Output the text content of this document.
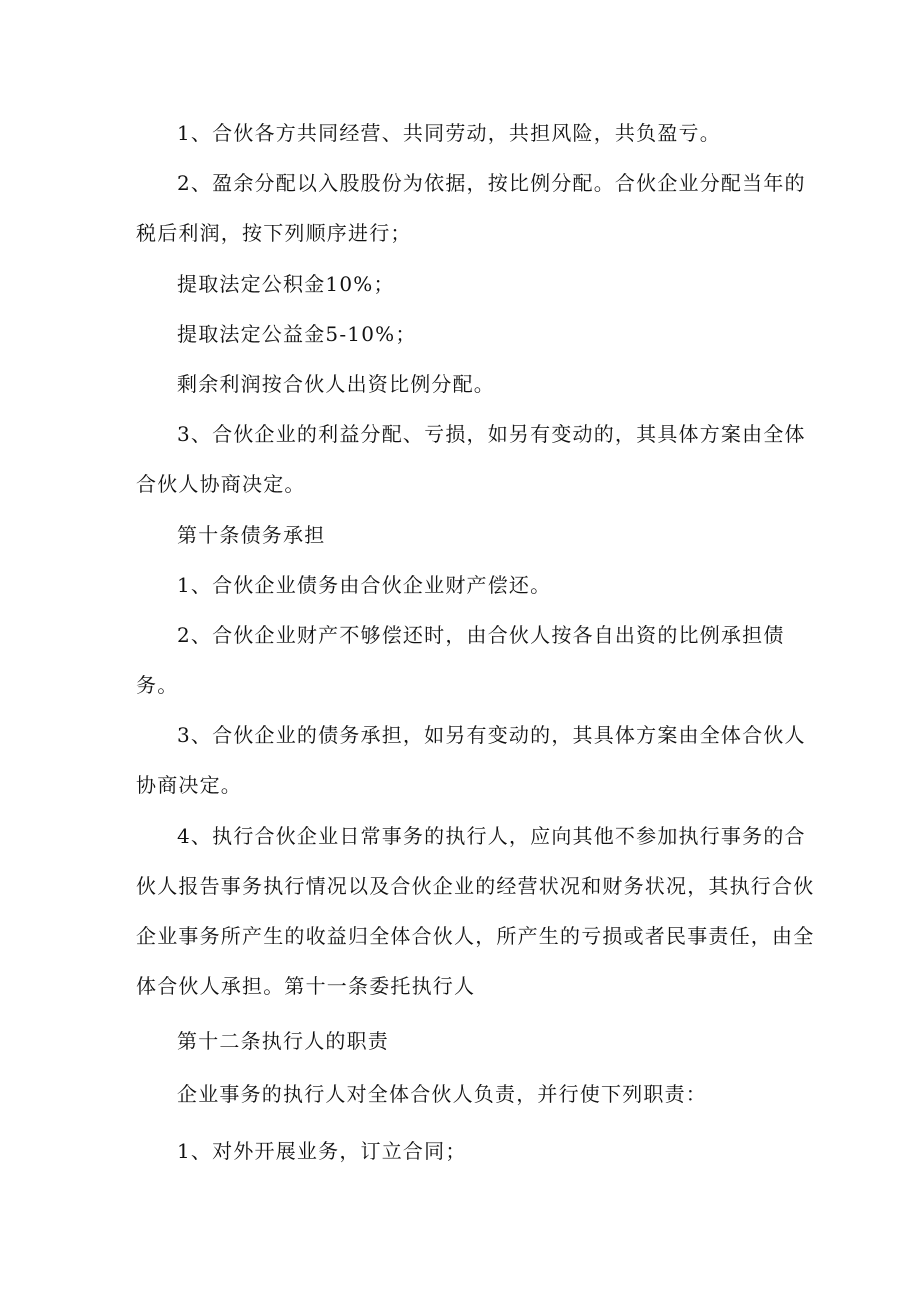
1、合伙各方共同经营、共同劳动，共担风险，共负盈亏。
2、盈余分配以入股股份为依据，按比例分配。合伙企业分配当年的
税后利润，按下列顺序进行；
提取法定公积金10%；
提取法定公益金5-10%；
剩余利润按合伙人出资比例分配。
3、合伙企业的利益分配、亏损，如另有变动的，其具体方案由全体
合伙人协商决定。
第十条债务承担
1、合伙企业债务由合伙企业财产偿还。
2、合伙企业财产不够偿还时，由合伙人按各自出资的比例承担债
务。
3、合伙企业的债务承担，如另有变动的，其具体方案由全体合伙人
协商决定。
4、执行合伙企业日常事务的执行人，应向其他不参加执行事务的合
伙人报告事务执行情况以及合伙企业的经营状况和财务状况，其执行合伙
企业事务所产生的收益归全体合伙人，所产生的亏损或者民事责任，由全
体合伙人承担。第十一条委托执行人
第十二条执行人的职责
企业事务的执行人对全体合伙人负责，并行使下列职责：
1、对外开展业务，订立合同；
